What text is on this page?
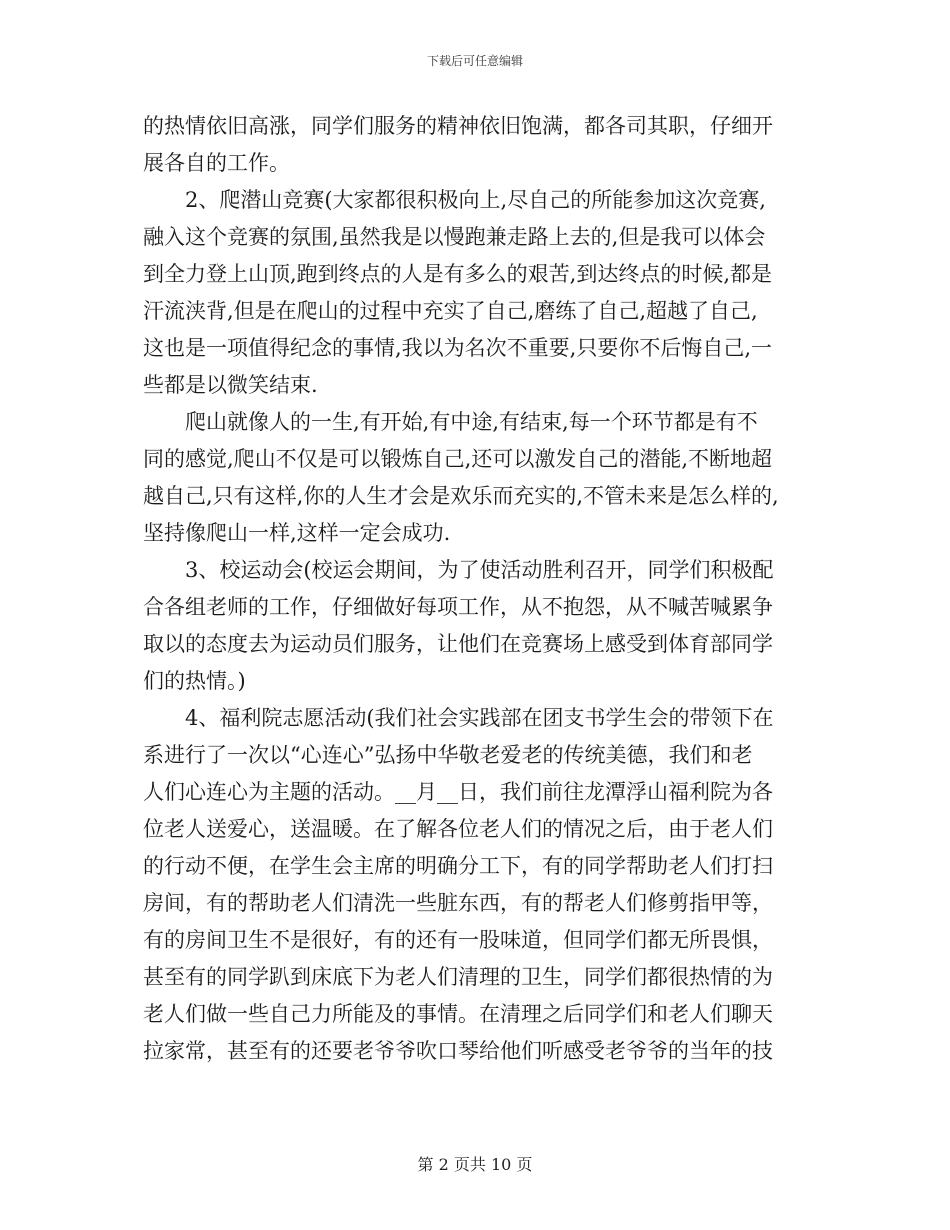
下载后可任意编辑
的热情依旧高涨，同学们服务的精神依旧饱满，都各司其职，仔细开
展各自的工作。
2、爬潜山竞赛(大家都很积极向上,尽自己的所能参加这次竞赛,
融入这个竞赛的氛围,虽然我是以慢跑兼走路上去的,但是我可以体会
到全力登上山顶,跑到终点的人是有多么的艰苦,到达终点的时候,都是
汗流浃背,但是在爬山的过程中充实了自己,磨练了自己,超越了自己,
这也是一项值得纪念的事情,我以为名次不重要,只要你不后悔自己,一
些都是以微笑结束.
爬山就像人的一生,有开始,有中途,有结束,每一个环节都是有不
同的感觉,爬山不仅是可以锻炼自己,还可以激发自己的潜能,不断地超
越自己,只有这样,你的人生才会是欢乐而充实的,不管未来是怎么样的,
坚持像爬山一样,这样一定会成功.
3、校运动会(校运会期间，为了使活动胜利召开，同学们积极配
合各组老师的工作，仔细做好每项工作，从不抱怨，从不喊苦喊累争
取以的态度去为运动员们服务，让他们在竞赛场上感受到体育部同学
们的热情。)
4、福利院志愿活动(我们社会实践部在团支书学生会的带领下在
系进行了一次以“心连心”弘扬中华敬老爱老的传统美德，我们和老
人们心连心为主题的活动。__月__日，我们前往龙潭浮山福利院为各
位老人送爱心，送温暖。在了解各位老人们的情况之后，由于老人们
的行动不便，在学生会主席的明确分工下，有的同学帮助老人们打扫
房间，有的帮助老人们清洗一些脏东西，有的帮老人们修剪指甲等，
有的房间卫生不是很好，有的还有一股味道，但同学们都无所畏惧，
甚至有的同学趴到床底下为老人们清理的卫生，同学们都很热情的为
老人们做一些自己力所能及的事情。在清理之后同学们和老人们聊天
拉家常，甚至有的还要老爷爷吹口琴给他们听感受老爷爷的当年的技
第 2 页共 10 页
